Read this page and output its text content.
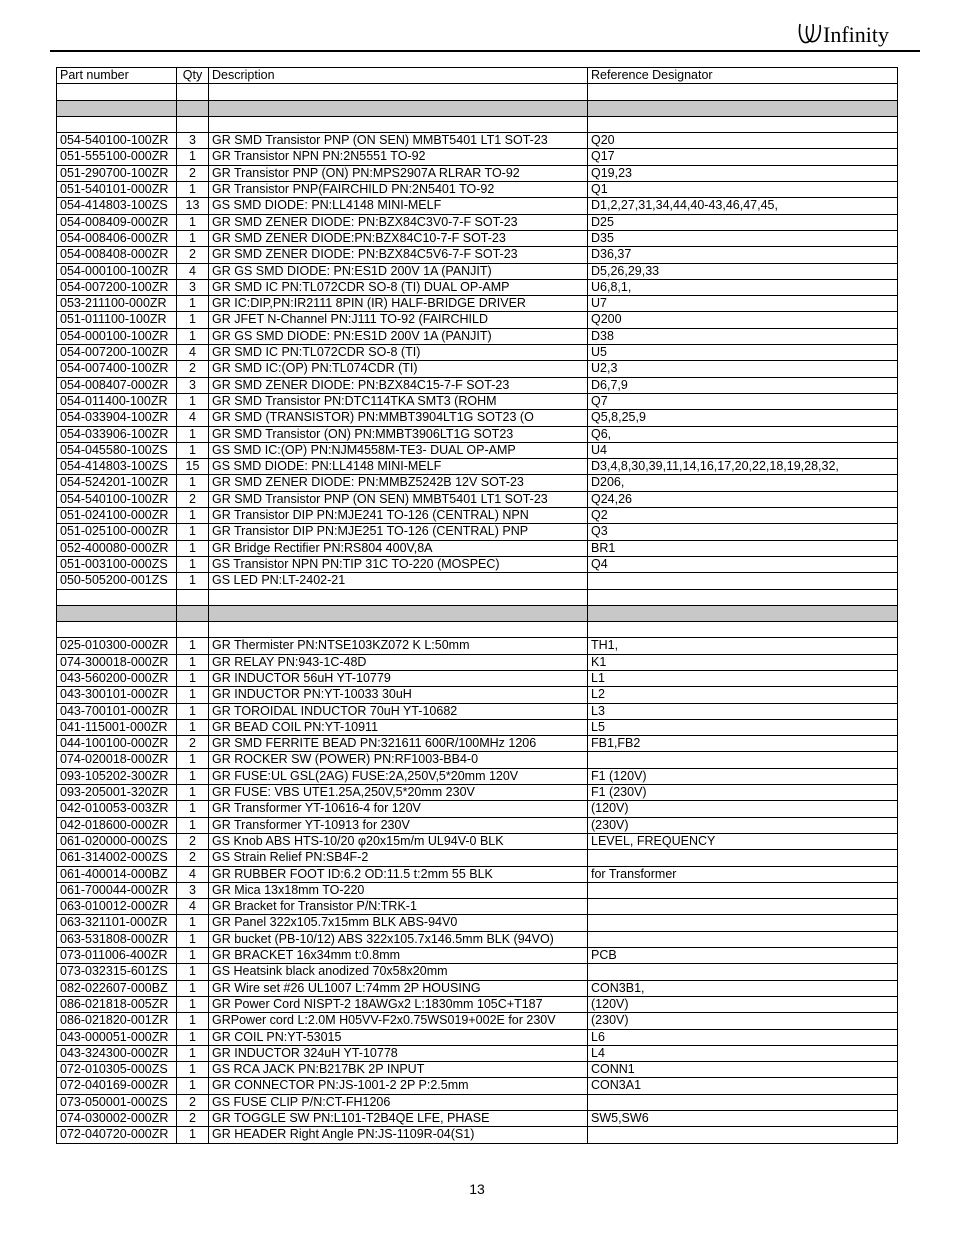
Infinity
Part number	Qty	Description	Reference Designator

054-540100-100ZR	3	GR SMD Transistor PNP (ON SEN) MMBT5401 LT1 SOT-23	Q20
051-555100-000ZR	1	GR Transistor NPN PN:2N5551 TO-92	Q17
051-290700-100ZR	2	GR Transistor PNP (ON) PN:MPS2907A RLRAR TO-92	Q19,23
051-540101-000ZR	1	GR Transistor PNP(FAIRCHILD PN:2N5401 TO-92	Q1
054-414803-100ZS	13	GS SMD DIODE: PN:LL4148 MINI-MELF	D1,2,27,31,34,44,40-43,46,47,45,
054-008409-000ZR	1	GR SMD ZENER DIODE: PN:BZX84C3V0-7-F SOT-23	D25
054-008406-000ZR	1	GR SMD ZENER DIODE:PN:BZX84C10-7-F SOT-23	D35
054-008408-000ZR	2	GR SMD ZENER DIODE: PN:BZX84C5V6-7-F SOT-23	D36,37
054-000100-100ZR	4	GR GS SMD DIODE: PN:ES1D 200V 1A (PANJIT)	D5,26,29,33
054-007200-100ZR	3	GR SMD IC PN:TL072CDR SO-8 (TI) DUAL OP-AMP	U6,8,1,
053-211100-000ZR	1	GR IC:DIP,PN:IR2111 8PIN (IR) HALF-BRIDGE DRIVER	U7
051-011100-100ZR	1	GR JFET N-Channel PN:J111 TO-92 (FAIRCHILD	Q200
054-000100-100ZR	1	GR GS SMD DIODE: PN:ES1D 200V 1A (PANJIT)	D38
054-007200-100ZR	4	GR SMD IC PN:TL072CDR SO-8 (TI)	U5
054-007400-100ZR	2	GR SMD IC:(OP) PN:TL074CDR (TI)	U2,3
054-008407-000ZR	3	GR SMD ZENER DIODE: PN:BZX84C15-7-F SOT-23	D6,7,9
054-011400-100ZR	1	GR SMD Transistor PN:DTC114TKA SMT3 (ROHM	Q7
054-033904-100ZR	4	GR SMD (TRANSISTOR) PN:MMBT3904LT1G SOT23 (O	Q5,8,25,9
054-033906-100ZR	1	GR SMD Transistor (ON) PN:MMBT3906LT1G SOT23	Q6,
054-045580-100ZS	1	GS SMD IC:(OP) PN:NJM4558M-TE3- DUAL OP-AMP	U4
054-414803-100ZS	15	GS SMD DIODE: PN:LL4148 MINI-MELF	D3,4,8,30,39,11,14,16,17,20,22,18,19,28,32,
054-524201-100ZR	1	GR SMD ZENER DIODE: PN:MMBZ5242B 12V SOT-23	D206,
054-540100-100ZR	2	GR SMD Transistor PNP (ON SEN) MMBT5401 LT1 SOT-23	Q24,26
051-024100-000ZR	1	GR Transistor DIP PN:MJE241 TO-126 (CENTRAL) NPN	Q2
051-025100-000ZR	1	GR Transistor DIP PN:MJE251 TO-126 (CENTRAL) PNP	Q3
052-400080-000ZR	1	GR Bridge Rectifier PN:RS804 400V,8A	BR1
051-003100-000ZS	1	GS Transistor NPN PN:TIP 31C TO-220 (MOSPEC)	Q4
050-505200-001ZS	1	GS LED PN:LT-2402-21	

025-010300-000ZR	1	GR Thermister PN:NTSE103KZ072 K L:50mm	TH1,
074-300018-000ZR	1	GR RELAY PN:943-1C-48D	K1
043-560200-000ZR	1	GR INDUCTOR 56uH YT-10779	L1
043-300101-000ZR	1	GR INDUCTOR PN:YT-10033 30uH	L2
043-700101-000ZR	1	GR TOROIDAL INDUCTOR 70uH YT-10682	L3
041-115001-000ZR	1	GR BEAD COIL PN:YT-10911	L5
044-100100-000ZR	2	GR SMD FERRITE BEAD PN:321611 600R/100MHz 1206	FB1,FB2
074-020018-000ZR	1	GR ROCKER SW (POWER) PN:RF1003-BB4-0	
093-105202-300ZR	1	GR FUSE:UL GSL(2AG) FUSE:2A,250V,5*20mm 120V	F1 (120V)
093-205001-320ZR	1	GR FUSE: VBS UTE1.25A,250V,5*20mm 230V	F1 (230V)
042-010053-003ZR	1	GR Transformer YT-10616-4 for 120V	(120V)
042-018600-000ZR	1	GR Transformer YT-10913 for 230V	(230V)
061-020000-000ZS	2	GS Knob ABS HTS-10/20 φ20x15m/m UL94V-0 BLK	LEVEL, FREQUENCY
061-314002-000ZS	2	GS Strain Relief PN:SB4F-2	
061-400014-000BZ	4	GR RUBBER FOOT ID:6.2 OD:11.5 t:2mm 55 BLK	for Transformer
061-700044-000ZR	3	GR Mica 13x18mm TO-220	
063-010012-000ZR	4	GR Bracket for Transistor P/N:TRK-1	
063-321101-000ZR	1	GR Panel 322x105.7x15mm BLK ABS-94V0	
063-531808-000ZR	1	GR bucket (PB-10/12) ABS 322x105.7x146.5mm BLK (94VO)	
073-011006-400ZR	1	GR BRACKET 16x34mm t:0.8mm	PCB
073-032315-601ZS	1	GS Heatsink black anodized 70x58x20mm	
082-022607-000BZ	1	GR Wire set #26 UL1007 L:74mm 2P HOUSING	CON3B1,
086-021818-005ZR	1	GR Power Cord NISPT-2 18AWGx2 L:1830mm 105C+T187	(120V)
086-021820-001ZR	1	GRPower cord L:2.0M H05VV-F2x0.75WS019+002E for 230V	(230V)
043-000051-000ZR	1	GR COIL PN:YT-53015	L6
043-324300-000ZR	1	GR INDUCTOR 324uH YT-10778	L4
072-010305-000ZS	1	GS RCA JACK PN:B217BK 2P INPUT	CONN1
072-040169-000ZR	1	GR CONNECTOR PN:JS-1001-2 2P P:2.5mm	CON3A1
073-050001-000ZS	2	GS FUSE CLIP P/N:CT-FH1206	
074-030002-000ZR	2	GR TOGGLE SW PN:L101-T2B4QE LFE, PHASE	SW5,SW6
072-040720-000ZR	1	GR HEADER Right Angle PN:JS-1109R-04(S1)	
13
